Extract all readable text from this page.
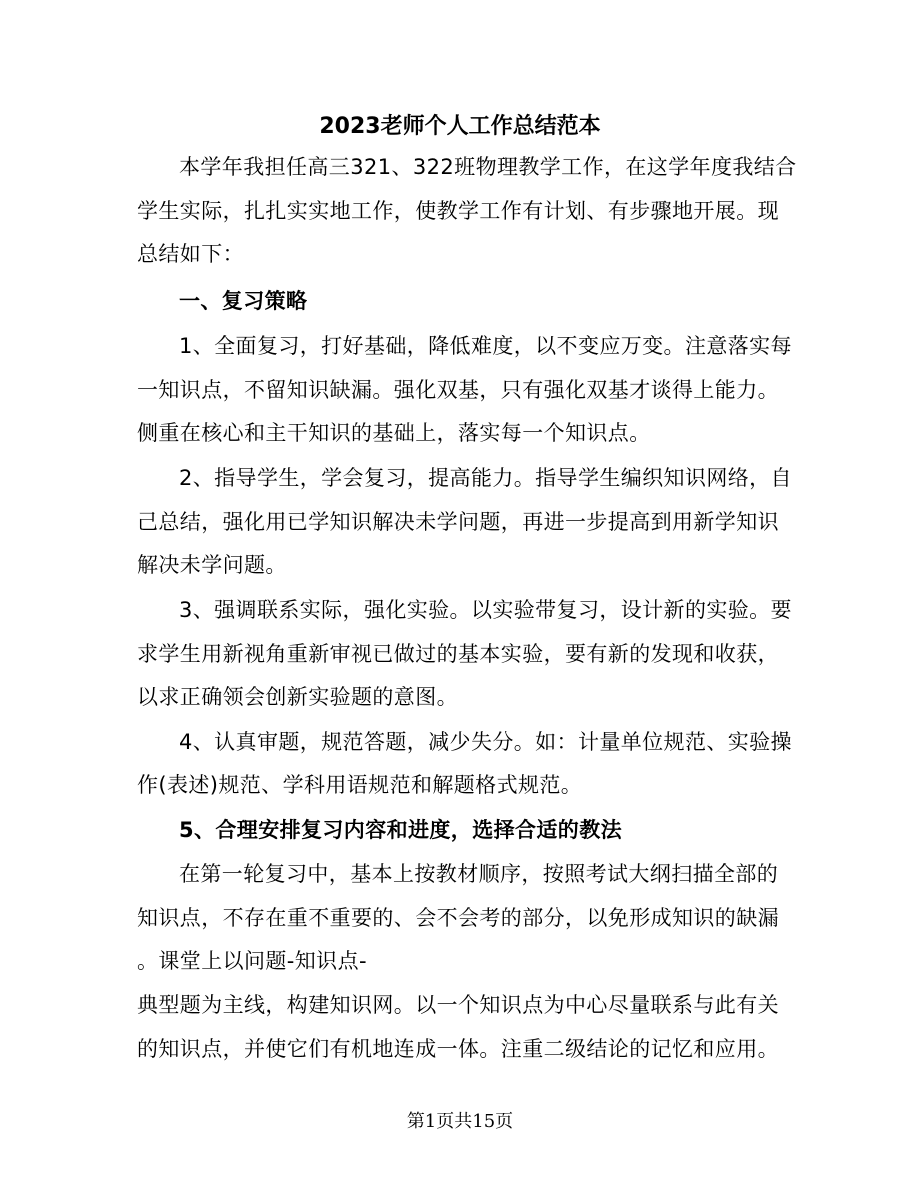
2023老师个人工作总结范本
本学年我担任高三321、322班物理教学工作，在这学年度我结合
学生实际，扎扎实实地工作，使教学工作有计划、有步骤地开展。现
总结如下：
一、复习策略
1、全面复习，打好基础，降低难度，以不变应万变。注意落实每
一知识点，不留知识缺漏。强化双基，只有强化双基才谈得上能力。
侧重在核心和主干知识的基础上，落实每一个知识点。
2、指导学生，学会复习，提高能力。指导学生编织知识网络，自
己总结，强化用已学知识解决未学问题，再进一步提高到用新学知识
解决未学问题。
3、强调联系实际，强化实验。以实验带复习，设计新的实验。要
求学生用新视角重新审视已做过的基本实验，要有新的发现和收获，
以求正确领会创新实验题的意图。
4、认真审题，规范答题，减少失分。如：计量单位规范、实验操
作(表述)规范、学科用语规范和解题格式规范。
5、合理安排复习内容和进度，选择合适的教法
在第一轮复习中，基本上按教材顺序，按照考试大纲扫描全部的
知识点，不存在重不重要的、会不会考的部分，以免形成知识的缺漏
。课堂上以问题-知识点-
典型题为主线，构建知识网。以一个知识点为中心尽量联系与此有关
的知识点，并使它们有机地连成一体。注重二级结论的记忆和应用。
第1页共15页
